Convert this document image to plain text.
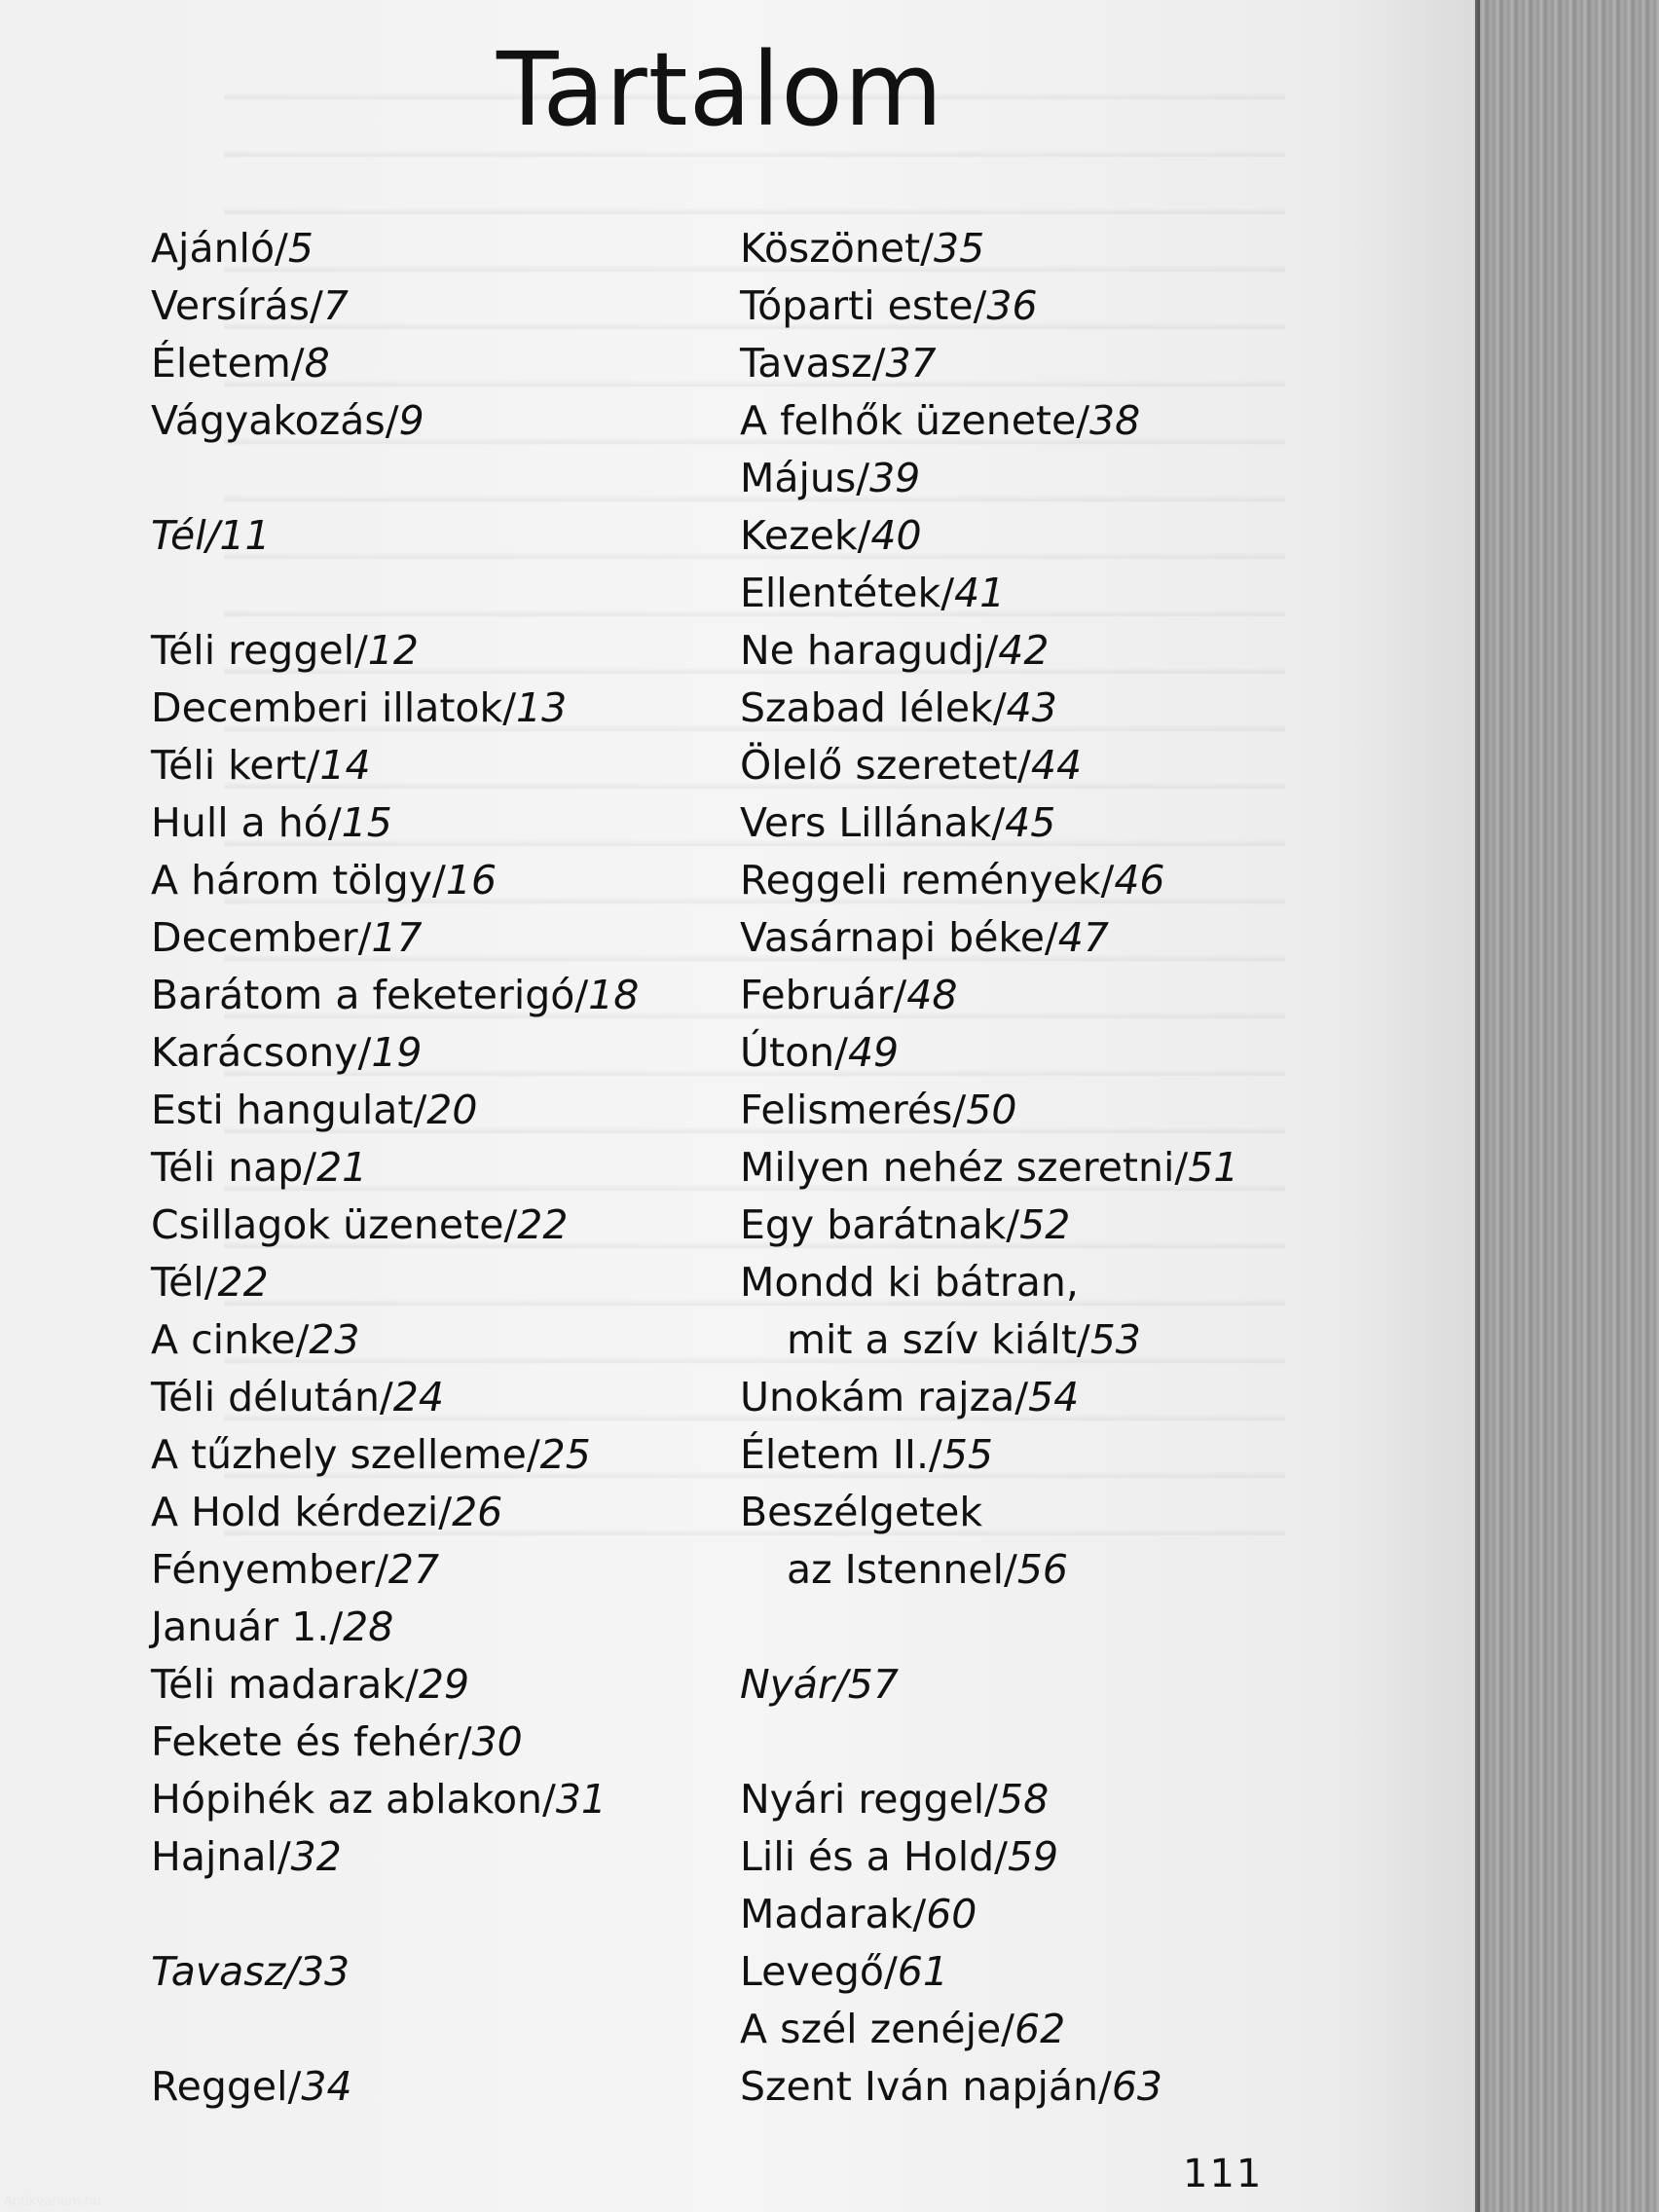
Tartalom
Ajánló/5
Versírás/7
Életem/8
Vágyakozás/9
Tél/11
Téli reggel/12
Decemberi illatok/13
Téli kert/14
Hull a hó/15
A három tölgy/16
December/17
Barátom a feketerigó/18
Karácsony/19
Esti hangulat/20
Téli nap/21
Csillagok üzenete/22
Tél/22
A cinke/23
Téli délután/24
A tűzhely szelleme/25
A Hold kérdezi/26
Fényember/27
Január 1./28
Téli madarak/29
Fekete és fehér/30
Hópihék az ablakon/31
Hajnal/32
Tavasz/33
Reggel/34
Köszönet/35
Tóparti este/36
Tavasz/37
A felhők üzenete/38
Május/39
Kezek/40
Ellentétek/41
Ne haragudj/42
Szabad lélek/43
Ölelő szeretet/44
Vers Lillának/45
Reggeli remények/46
Vasárnapi béke/47
Február/48
Úton/49
Felismerés/50
Milyen nehéz szeretni/51
Egy barátnak/52
Mondd ki bátran,
mit a szív kiált/53
Unokám rajza/54
Életem II./55
Beszélgetek
az Istennel/56
Nyár/57
Nyári reggel/58
Lili és a Hold/59
Madarak/60
Levegő/61
A szél zenéje/62
Szent Iván napján/63
111
Antikvarium.hu
